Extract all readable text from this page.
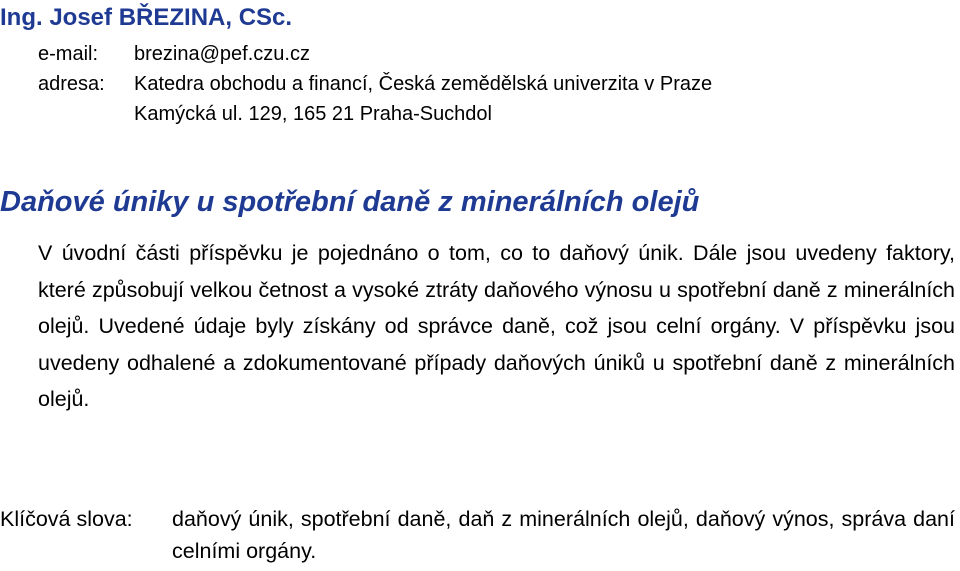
Ing. Josef BŘEZINA, CSc.
e-mail: brezina@pef.czu.cz
adresa: Katedra obchodu a financí, Česká zemědělská univerzita v Praze
Kamýcká ul. 129, 165 21 Praha-Suchdol
Daňové úniky u spotřební daně z minerálních olejů
V úvodní části příspěvku je pojednáno o tom, co to daňový únik. Dále jsou uvedeny faktory, které způsobují velkou četnost a vysoké ztráty daňového výnosu u spotřební daně z minerálních olejů. Uvedené údaje byly získány od správce daně, což jsou celní orgány. V příspěvku jsou uvedeny odhalené a zdokumentované případy daňových úniků u spotřební daně z minerálních olejů.
Klíčová slova: daňový únik, spotřební daně, daň z minerálních olejů, daňový výnos, správa daní celními orgány.
